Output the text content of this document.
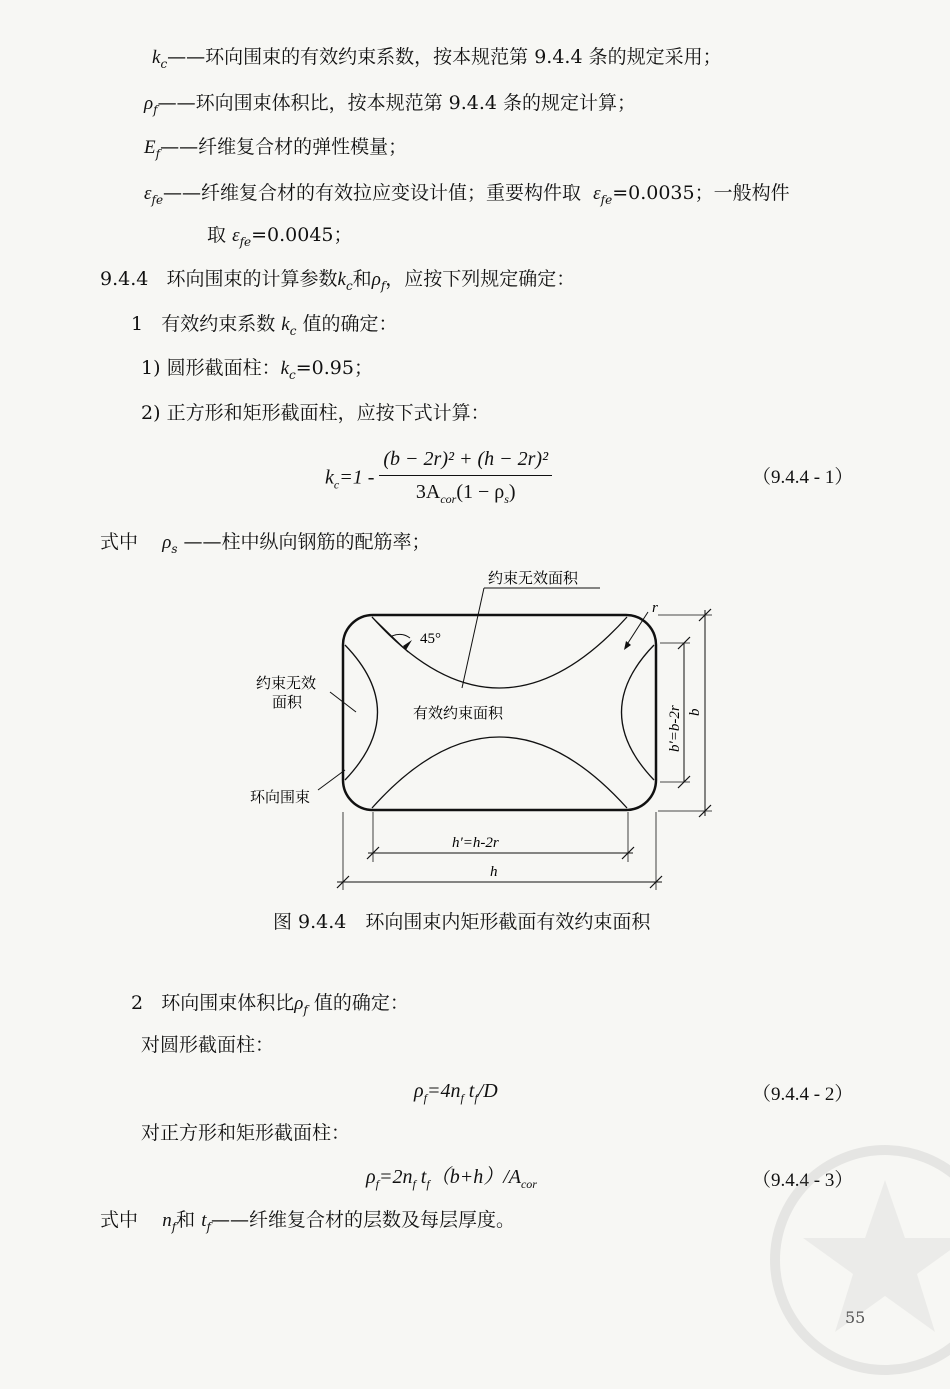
$k_c——$环向围束的有效约束系数，按本规范第 9.4.4 条的规定采用；
$\rho_f——$环向围束体积比，按本规范第 9.4.4 条的规定计算；
$E_f——$纤维复合材的弹性模量；
$\varepsilon_{fe}——$纤维复合材的有效拉应变设计值；重要构件取 $\varepsilon_{fe}=0.0035$；一般构件
取 $\varepsilon_{fe}=0.0045$；
9.4.4 环向围束的计算参数$k_c$和$\rho_f$，应按下列规定确定：
1 有效约束系数 $k_c$ 值的确定：
1) 圆形截面柱：$k_c=0.95$；
2) 正方形和矩形截面柱，应按下式计算：
$k_c=1 - \frac{\text{(b − 2r)² + (h − 2r)²}}{3A_{cor}(1 - \rho_s)}$	（9.4.4 - 1）
式中 $\rho_s$ ——柱中纵向钢筋的配筋率；
45°
约束无效面积
约束无效
面积
有效约束面积
环向围束
r
b′=b-2r b
h′=h-2r
h
图 9.4.4　环向围束内矩形截面有效约束面积
2 环向围束体积比$\rho_f$ 值的确定：
对圆形截面柱：
$\rho_f=4n_f$ $t_f/D$	（9.4.4 - 2）
对正方形和矩形截面柱：
$\rho_f=2n_f$ $t_f(b+h)/A_{cor}$	（9.4.4 - 3）
式中 $n_f$和 $t_f——$纤维复合材的层数及每层厚度。
55
